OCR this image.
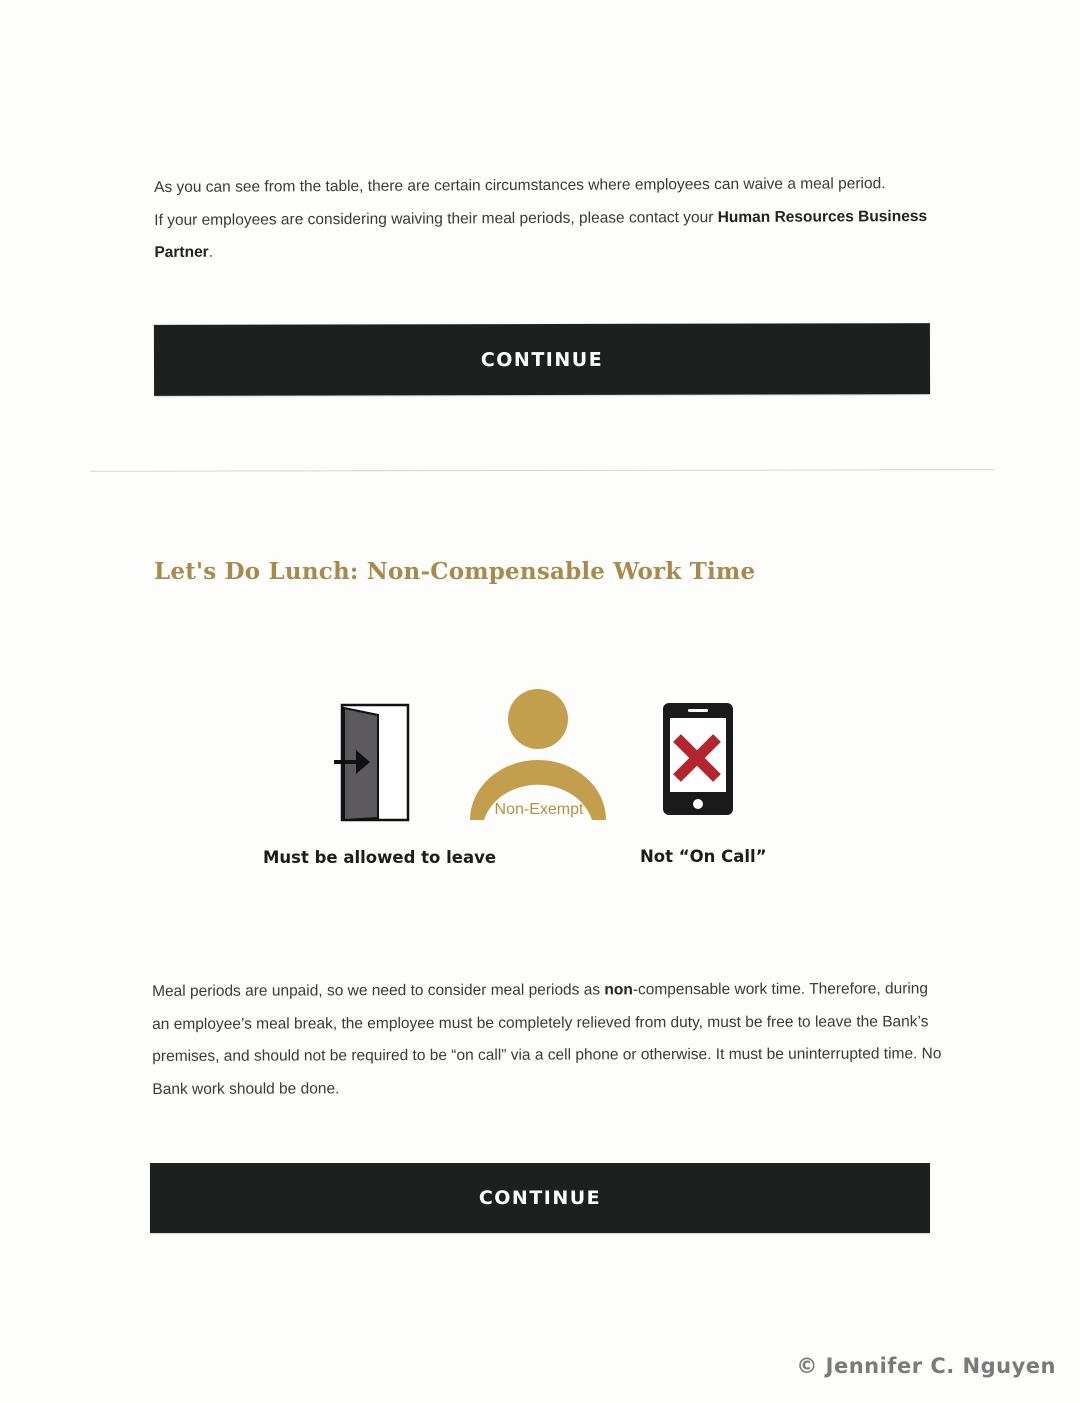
As you can see from the table, there are certain circumstances where employees can waive a meal period.
If your employees are considering waiving their meal periods, please contact your Human Resources Business Partner.

CONTINUE
Let's Do Lunch: Non-Compensable Work Time
Non-Exempt
Must be allowed to leave	Not “On Call”

Meal periods are unpaid, so we need to consider meal periods as non-compensable work time. Therefore, during an employee’s meal break, the employee must be completely relieved from duty, must be free to leave the Bank’s premises, and should not be required to be “on call” via a cell phone or otherwise. It must be uninterrupted time. No Bank work should be done.

CONTINUE
© Jennifer C. Nguyen
